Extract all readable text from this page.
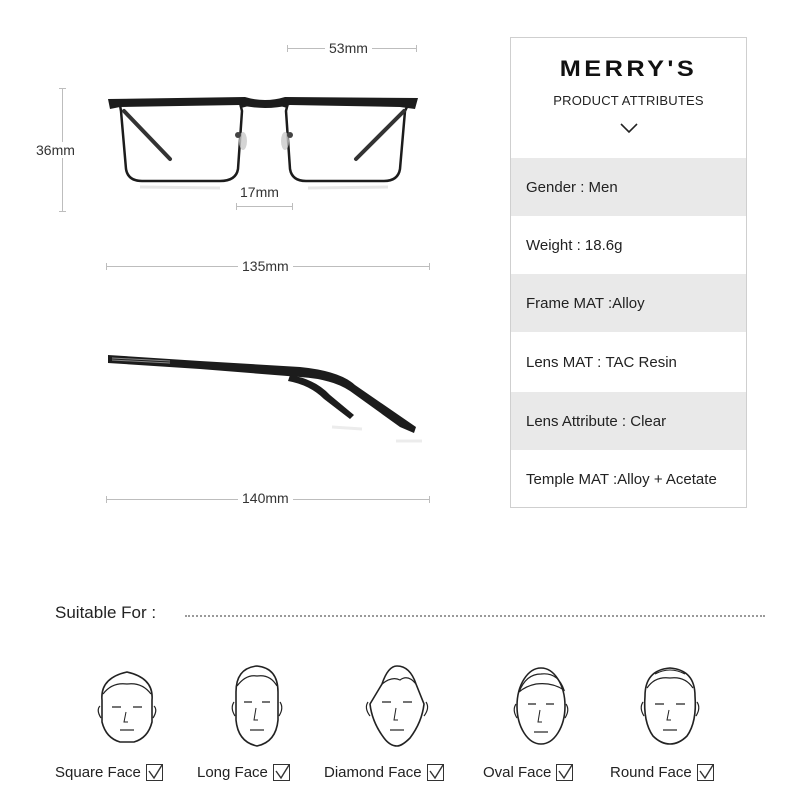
53mm
36mm
17mm
135mm
140mm
MERRY'S
PRODUCT ATTRIBUTES
Gender :
Men
Weight :
18.6g
Frame MAT : Alloy
Lens MAT :
TAC Resin
Lens Attribute :
Clear
Temple MAT : Alloy + Acetate
Suitable For :
Square Face	Long Face	Diamond Face	Oval Face	Round Face
